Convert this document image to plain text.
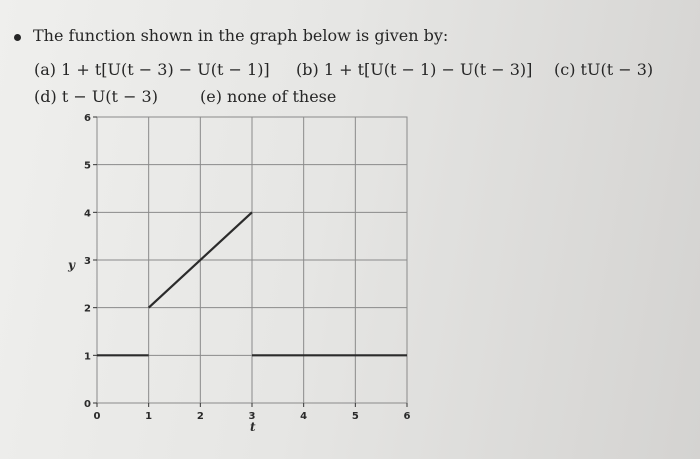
The function shown in the graph below is given by:
(a) 1 + t[U(t − 3) − U(t − 1)] (b) 1 + t[U(t − 1) − U(t − 3)] (c) tU(t − 3)
(d) t − U(t − 3)	(e) none of these
0	1	2	3	4	5	6
0
1
2
3
4
5
6
y
t
